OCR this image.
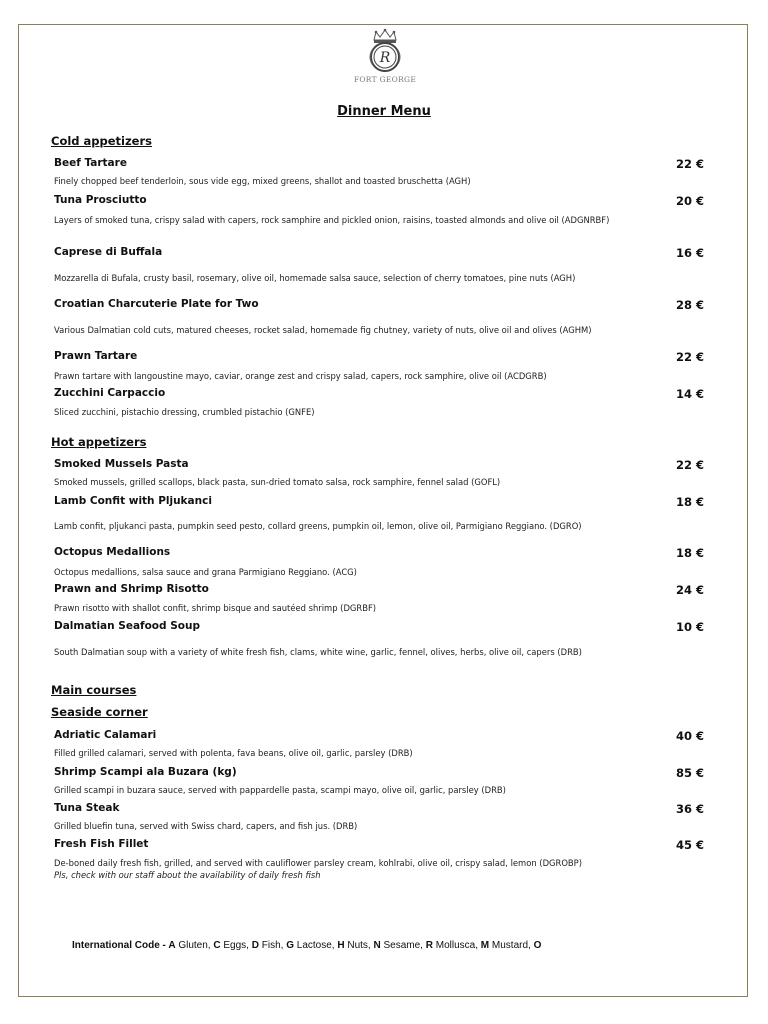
R
FORT GEORGE
Dinner Menu
Cold appetizers
Beef Tartare	22 €
Finely chopped beef tenderloin, sous vide egg, mixed greens, shallot and toasted bruschetta (AGH)
Tuna Prosciutto	20 €
Layers of smoked tuna, crispy salad with capers, rock samphire and pickled onion, raisins, toasted almonds and olive oil (ADGNRBF)
Caprese di Buffala	16 €
Mozzarella di Bufala, crusty basil, rosemary, olive oil, homemade salsa sauce, selection of cherry tomatoes, pine nuts (AGH)
Croatian Charcuterie Plate for Two	28 €
Various Dalmatian cold cuts, matured cheeses, rocket salad, homemade fig chutney, variety of nuts, olive oil and olives (AGHM)
Prawn Tartare	22 €
Prawn tartare with langoustine mayo, caviar, orange zest and crispy salad, capers, rock samphire, olive oil (ACDGRB)
Zucchini Carpaccio	14 €
Sliced zucchini, pistachio dressing, crumbled pistachio (GNFE)
Hot appetizers
Smoked Mussels Pasta	22 €
Smoked mussels, grilled scallops, black pasta, sun-dried tomato salsa, rock samphire, fennel salad (GOFL)
Lamb Confit with Pljukanci	18 €
Lamb confit, pljukanci pasta, pumpkin seed pesto, collard greens, pumpkin oil, lemon, olive oil, Parmigiano Reggiano. (DGRO)
Octopus Medallions	18 €
Octopus medallions, salsa sauce and grana Parmigiano Reggiano. (ACG)
Prawn and Shrimp Risotto	24 €
Prawn risotto with shallot confit, shrimp bisque and sautéed shrimp (DGRBF)
Dalmatian Seafood Soup	10 €
South Dalmatian soup with a variety of white fresh fish, clams, white wine, garlic, fennel, olives, herbs, olive oil, capers (DRB)
Main courses
Seaside corner
Adriatic Calamari	40 €
Filled grilled calamari, served with polenta, fava beans, olive oil, garlic, parsley (DRB)
Shrimp Scampi ala Buzara (kg)	85 €
Grilled scampi in buzara sauce, served with pappardelle pasta, scampi mayo, olive oil, garlic, parsley (DRB)
Tuna Steak	36 €
Grilled bluefin tuna, served with Swiss chard, capers, and fish jus. (DRB)
Fresh Fish Fillet	45 €
De-boned daily fresh fish, grilled, and served with cauliflower parsley cream, kohlrabi, olive oil, crispy salad, lemon (DGROBP)
Pls, check with our staff about the availability of daily fresh fish
International Code - A Gluten, C Eggs, D Fish, G Lactose, H Nuts, N Sesame, R Mollusca, M Mustard, O
